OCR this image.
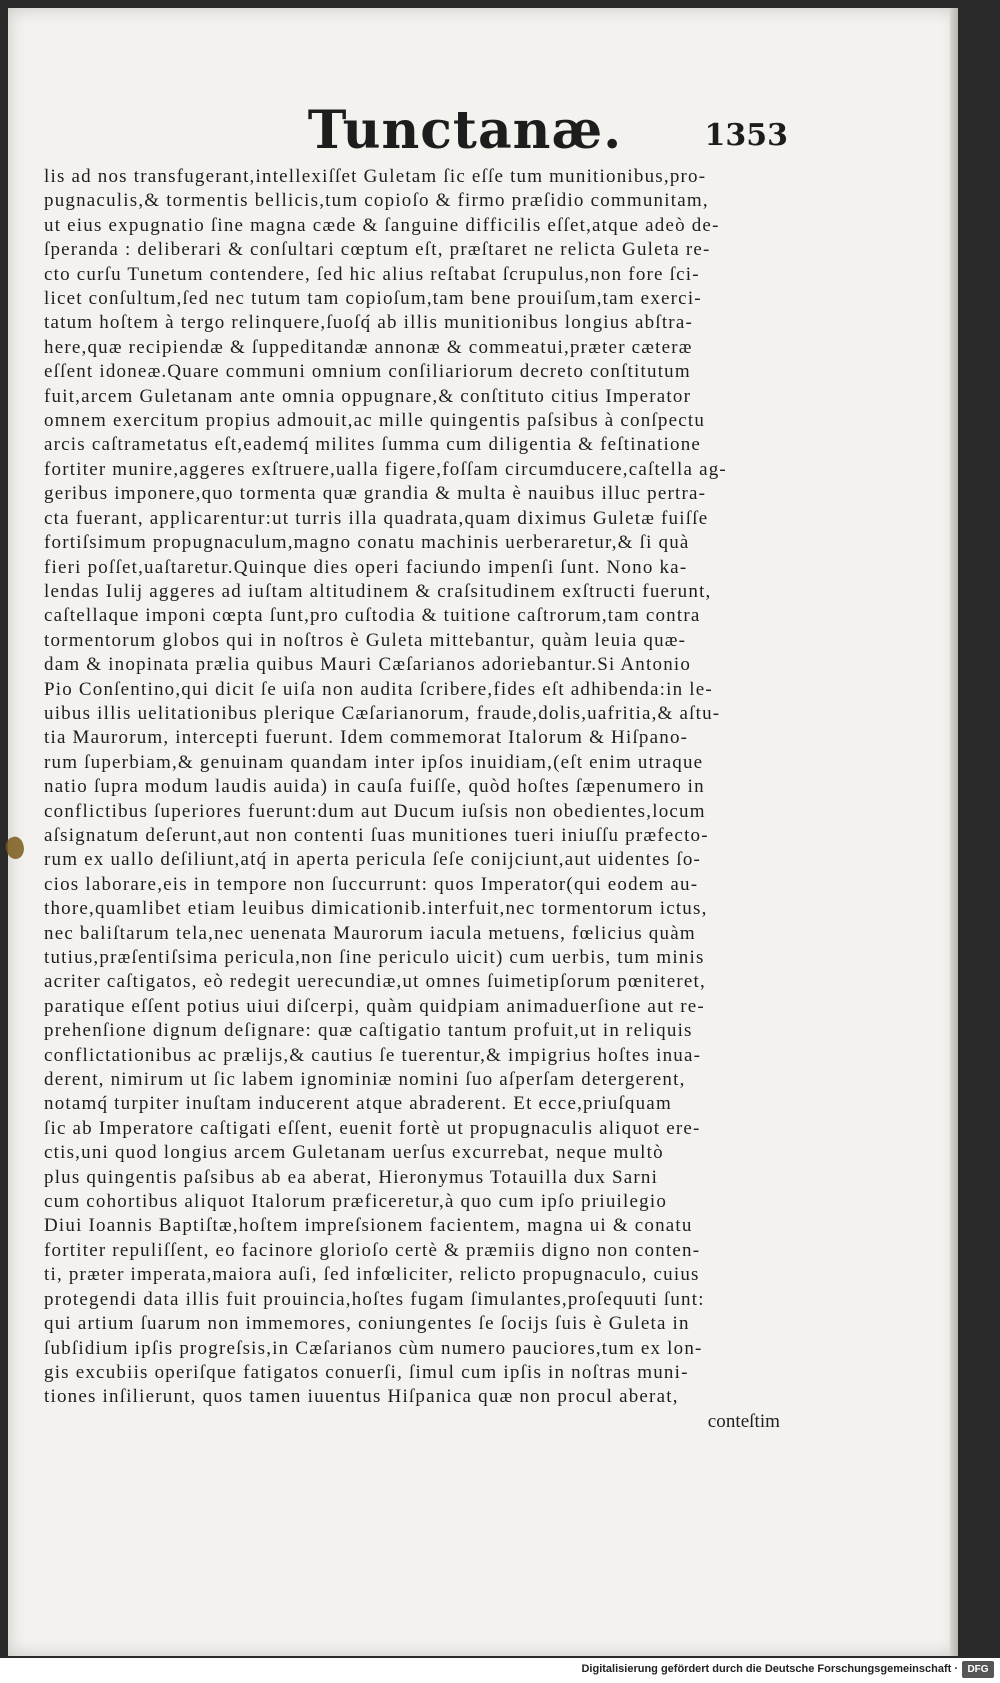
Tunctanæ.	1353
lis ad nos transfugerant,intellexiſſet Guletam ſic eſſe tum munitionibus,pro-
pugnaculis,& tormentis bellicis,tum copioſo & firmo præſidio communitam,
ut eius expugnatio ſine magna cæde & ſanguine difficilis eſſet,atque adeò de-
ſperanda : deliberari & conſultari cœptum eſt, præſtaret ne relicta Guleta re-
cto curſu Tunetum contendere, ſed hic alius reſtabat ſcrupulus,non fore ſci-
licet conſultum,ſed nec tutum tam copioſum,tam bene prouiſum,tam exerci-
tatum hoſtem à tergo relinquere,ſuoſq́ ab illis munitionibus longius abſtra-
here,quæ recipiendæ & ſuppeditandæ annonæ & commeatui,præter cæteræ
eſſent idoneæ.Quare communi omnium conſiliariorum decreto conſtitutum
fuit,arcem Guletanam ante omnia oppugnare,& conſtituto citius Imperator
omnem exercitum propius admouit,ac mille quingentis paſsibus à conſpectu
arcis caſtrametatus eſt,eademq́ milites ſumma cum diligentia & feſtinatione
fortiter munire,aggeres exſtruere,ualla figere,foſſam circumducere,caſtella ag-
geribus imponere,quo tormenta quæ grandia & multa è nauibus illuc pertra-
cta fuerant, applicarentur:ut turris illa quadrata,quam diximus Guletæ fuiſſe
fortiſsimum propugnaculum,magno conatu machinis uerberaretur,& ſi quà
fieri poſſet,uaſtaretur.Quinque dies operi faciundo impenſi ſunt. Nono ka-
lendas Iulij aggeres ad iuſtam altitudinem & craſsitudinem exſtructi fuerunt,
caſtellaque imponi cœpta ſunt,pro cuſtodia & tuitione caſtrorum,tam contra
tormentorum globos qui in noſtros è Guleta mittebantur, quàm leuia quæ-
dam & inopinata prælia quibus Mauri Cæſarianos adoriebantur.Si Antonio
Pio Conſentino,qui dicit ſe uiſa non audita ſcribere,fides eſt adhibenda:in le-
uibus illis uelitationibus plerique Cæſarianorum, fraude,dolis,uafritia,& aſtu-
tia Maurorum, intercepti fuerunt. Idem commemorat Italorum & Hiſpano-
rum ſuperbiam,& genuinam quandam inter ipſos inuidiam,(eſt enim utraque
natio ſupra modum laudis auida) in cauſa fuiſſe, quòd hoſtes ſæpenumero in
conflictibus ſuperiores fuerunt:dum aut Ducum iuſsis non obedientes,locum
aſsignatum deſerunt,aut non contenti ſuas munitiones tueri iniuſſu præfecto-
rum ex uallo deſiliunt,atq́ in aperta pericula ſeſe conijciunt,aut uidentes ſo-
cios laborare,eis in tempore non ſuccurrunt: quos Imperator(qui eodem au-
thore,quamlibet etiam leuibus dimicationib.interfuit,nec tormentorum ictus,
nec baliſtarum tela,nec uenenata Maurorum iacula metuens, fœlicius quàm
tutius,præſentiſsima pericula,non ſine periculo uicit) cum uerbis, tum minis
acriter caſtigatos, eò redegit uerecundiæ,ut omnes ſuimetipſorum pœniteret,
paratique eſſent potius uiui diſcerpi, quàm quidpiam animaduerſione aut re-
prehenſione dignum deſignare: quæ caſtigatio tantum profuit,ut in reliquis
conflictationibus ac prælijs,& cautius ſe tuerentur,& impigrius hoſtes inua-
derent, nimirum ut ſic labem ignominiæ nomini ſuo aſperſam detergerent,
notamq́ turpiter inuſtam inducerent atque abraderent. Et ecce,priuſquam
ſic ab Imperatore caſtigati eſſent, euenit fortè ut propugnaculis aliquot ere-
ctis,uni quod longius arcem Guletanam uerſus excurrebat, neque multò
plus quingentis paſsibus ab ea aberat, Hieronymus Totauilla dux Sarni
cum cohortibus aliquot Italorum præficeretur,à quo cum ipſo priuilegio
Diui Ioannis Baptiſtæ,hoſtem impreſsionem facientem, magna ui & conatu
fortiter repuliſſent, eo facinore glorioſo certè & præmiis digno non conten-
ti, præter imperata,maiora auſi, ſed infœliciter, relicto propugnaculo, cuius
protegendi data illis fuit prouincia,hoſtes fugam ſimulantes,proſequuti ſunt:
qui artium ſuarum non immemores, coniungentes ſe ſocijs ſuis è Guleta in
ſubſidium ipſis progreſsis,in Cæſarianos cùm numero pauciores,tum ex lon-
gis excubiis operiſque fatigatos conuerſi, ſimul cum ipſis in noſtras muni-
tiones inſilierunt, quos tamen iuuentus Hiſpanica quæ non procul aberat,
conteſtim
Digitalisierung gefördert durch die Deutsche Forschungsgemeinschaft · DFG
